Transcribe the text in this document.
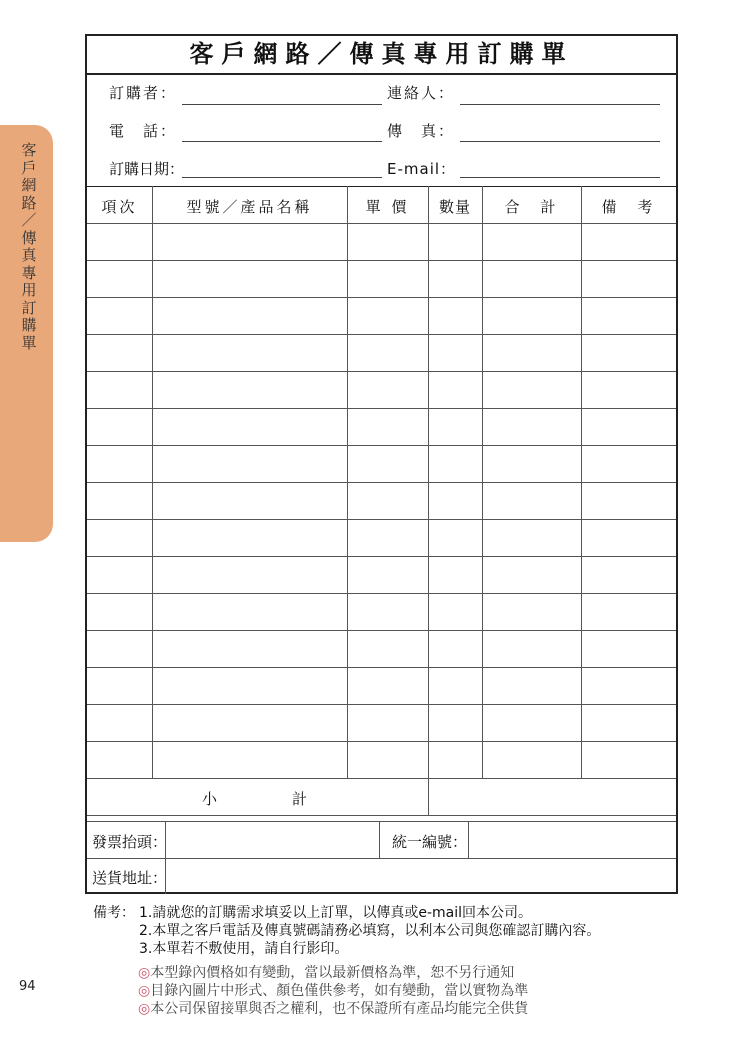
客戶網路／傳真專用訂購單
94
客戶網路／傳真專用訂購單
訂購者：	連絡人：
電　話：	傳　真：
訂購日期：	E-mail：
項次	型號／產品名稱	單 價	數量	合　計	備　考
小	計
發票抬頭：	統一編號：
送貨地址：
備考： 1.請就您的訂購需求填妥以上訂單，以傳真或e-mail回本公司。
2.本單之客戶電話及傳真號碼請務必填寫，以利本公司與您確認訂購內容。
3.本單若不敷使用，請自行影印。
◎本型錄內價格如有變動，當以最新價格為準，恕不另行通知
◎目錄內圖片中形式、顏色僅供參考，如有變動，當以實物為準
◎本公司保留接單與否之權利，也不保證所有產品均能完全供貨
